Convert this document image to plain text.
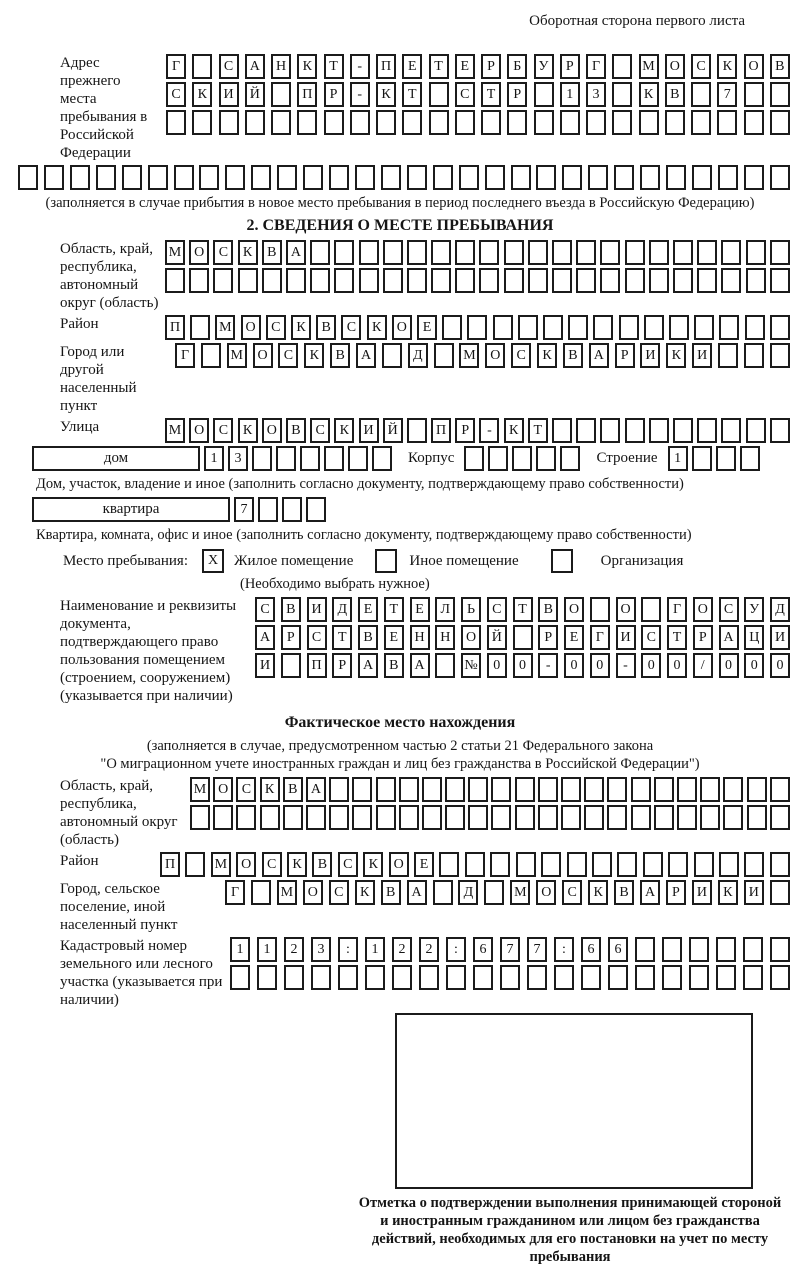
Оборотная сторона первого листа
Адрес прежнего места пребывания в Российской Федерации
Г	С	А	Н	К	Т	-	П	Е	Т	Е	Р	Б	У	Р	Г	М	О	С	К	О	В
С	К	И	Й	П	Р	-	К	Т	С	Т	Р	1	3	К	В	7
(заполняется в случае прибытия в новое место пребывания в период последнего въезда в Российскую Федерацию)
2. СВЕДЕНИЯ О МЕСТЕ ПРЕБЫВАНИЯ
Область, край, республика, автономный округ (область)
М О	С	К	В	А
Район	П	М О	С	К	В	С	К	О	Е
Город или другой населенный пункт
Г	М	О	С	К	В	А	Д	М	О	С	К	В	А	Р	И	К	И
Улица	М О	С	К	О	В	С	К	И	Й	П	Р	-	К	Т
дом	1	3	Корпус	Строение	1
Дом, участок, владение и иное (заполнить согласно документу, подтверждающему право собственности)
квартира	7
Квартира, комната, офис и иное (заполнить согласно документу, подтверждающему право собственности)
Место пребывания:	X	Жилое помещение	Иное помещение	Организация
(Необходимо выбрать нужное)
Наименование и реквизиты документа, подтверждающего право пользования помещением (строением, сооружением) (указывается при наличии)
С	В	И	Д	Е	Т	Е	Л	Ь	С	Т	В	О	О	Г	О	С	У	Д
А	Р	С	Т	В	Е	Н	Н	О	Й	Р	Е	Г	И	С	Т	Р	А	Ц	И
И	П	Р	А	В	А	№	0	0	-	0	0	-	0	0	/	0	0	0
Фактическое место нахождения
(заполняется в случае, предусмотренном частью 2 статьи 21 Федерального закона
"О миграционном учете иностранных граждан и лиц без гражданства в Российской Федерации")
Область, край, республика, автономный округ (область)
М О С К В А
Район	П	М	О	С	К	В	С	К	О	Е
Город, сельское поселение, иной населенный пункт
Г	М	О	С	К	В	А	Д	М	О	С	К	В	А	Р	И	К	И
Кадастровый номер земельного или лесного участка (указывается при наличии)
1	1	2	3	:	1	2	2	:	6	7	7	:	6	6
Отметка о подтверждении выполнения принимающей стороной и иностранным гражданином или лицом без гражданства действий, необходимых для его постановки на учет по месту пребывания
